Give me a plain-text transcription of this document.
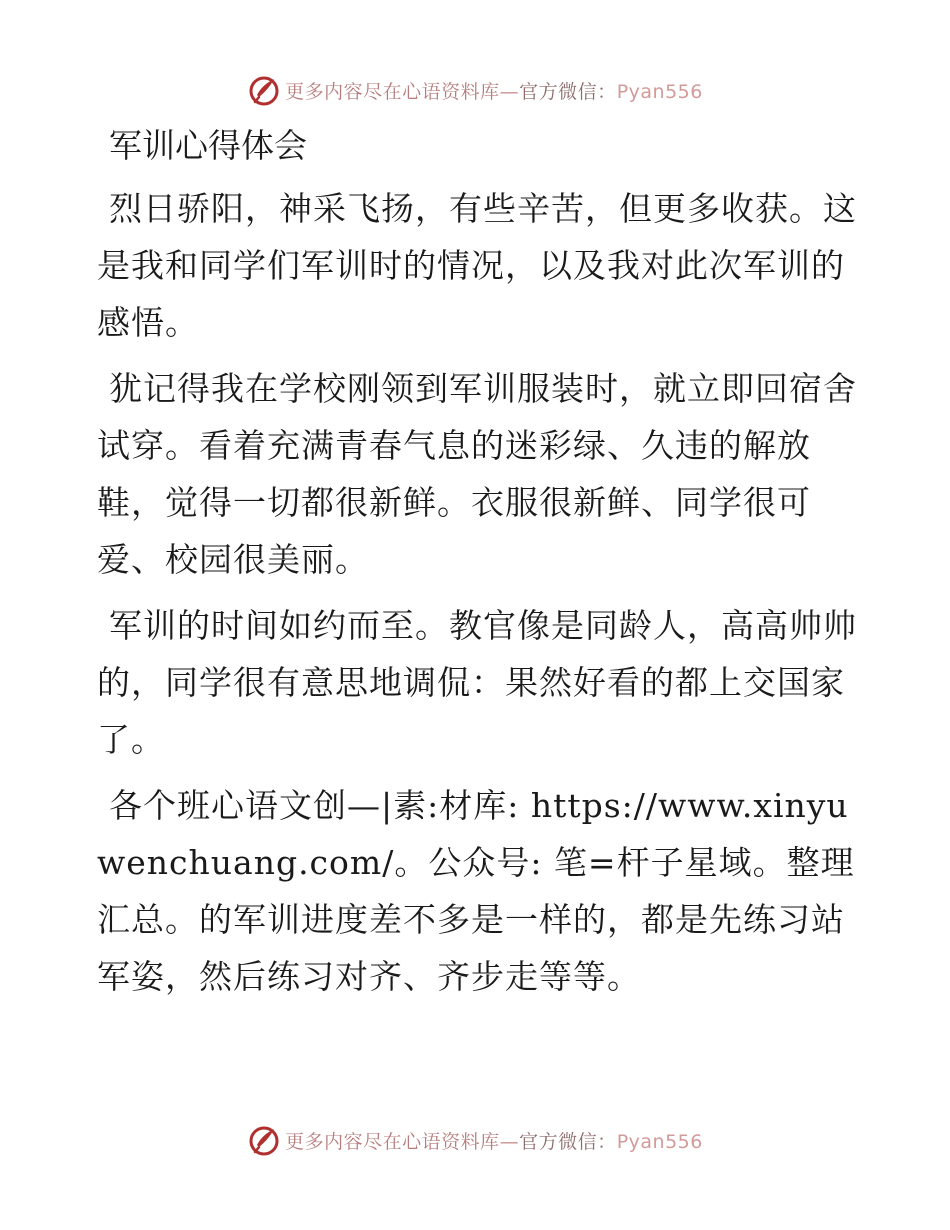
更多内容尽在心语资料库—官方微信：Pyan556
军训心得体会

烈日骄阳，神采飞扬，有些辛苦，但更多收获。这是我和同学们军训时的情况，以及我对此次军训的感悟。

犹记得我在学校刚领到军训服装时，就立即回宿舍试穿。看着充满青春气息的迷彩绿、久违的解放鞋，觉得一切都很新鲜。衣服很新鲜、同学很可爱、校园很美丽。

军训的时间如约而至。教官像是同龄人，高高帅帅的，同学很有意思地调侃：果然好看的都上交国家了。

各个班心语文创—|素:材库: https://www.xinyuwenchuang.com/。公众号: 笔=杆子星域。整理汇总。的军训进度差不多是一样的，都是先练习站军姿，然后练习对齐、齐步走等等。

更多内容尽在心语资料库—官方微信：Pyan556
